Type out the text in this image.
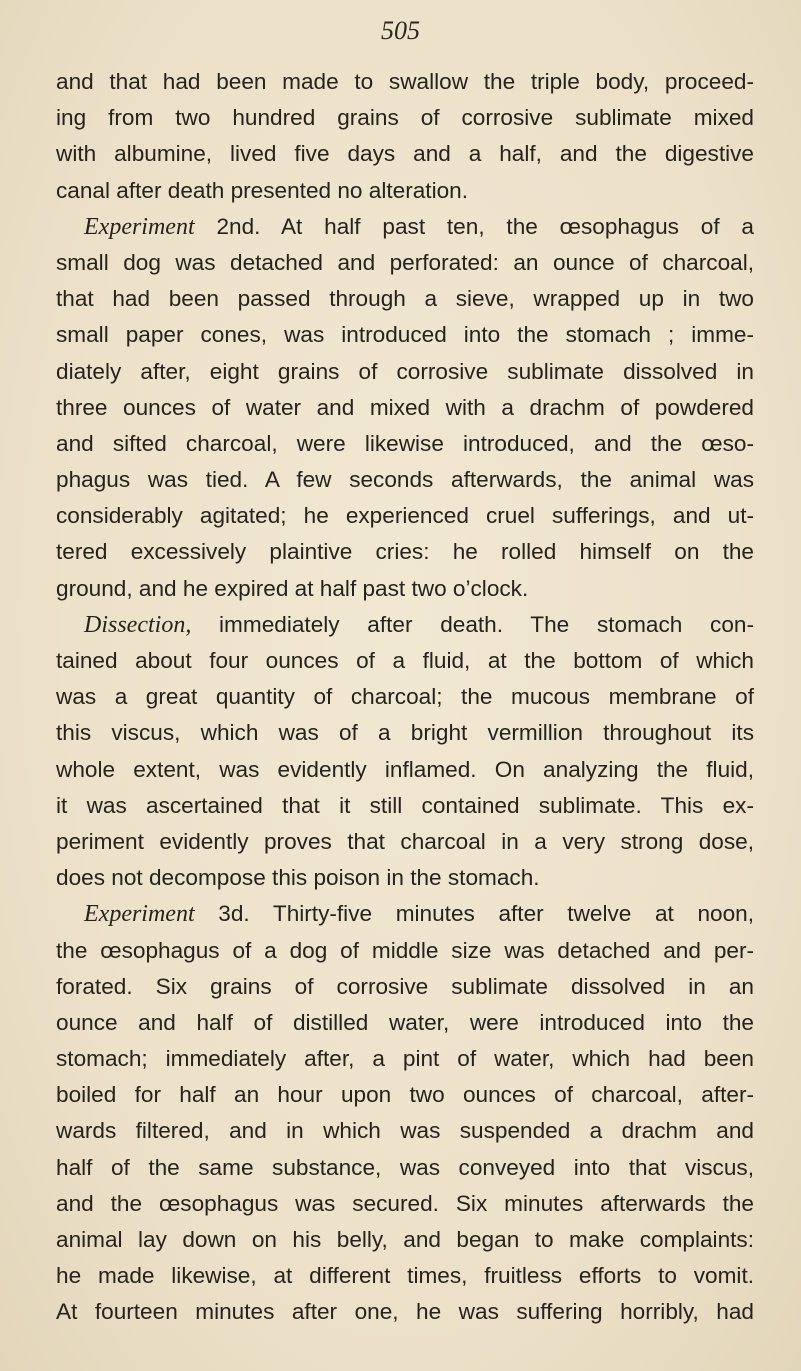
505
and that had been made to swallow the triple body, proceed-
ing from two hundred grains of corrosive sublimate mixed
with albumine, lived five days and a half, and the digestive
canal after death presented no alteration.
Experiment 2nd. At half past ten, the œsophagus of a
small dog was detached and perforated: an ounce of charcoal,
that had been passed through a sieve, wrapped up in two
small paper cones, was introduced into the stomach ; imme-
diately after, eight grains of corrosive sublimate dissolved in
three ounces of water and mixed with a drachm of powdered
and sifted charcoal, were likewise introduced, and the œso-
phagus was tied. A few seconds afterwards, the animal was
considerably agitated; he experienced cruel sufferings, and ut-
tered excessively plaintive cries: he rolled himself on the
ground, and he expired at half past two o’clock.
Dissection, immediately after death. The stomach con-
tained about four ounces of a fluid, at the bottom of which
was a great quantity of charcoal; the mucous membrane of
this viscus, which was of a bright vermillion throughout its
whole extent, was evidently inflamed. On analyzing the fluid,
it was ascertained that it still contained sublimate. This ex-
periment evidently proves that charcoal in a very strong dose,
does not decompose this poison in the stomach.
Experiment 3d. Thirty-five minutes after twelve at noon,
the œsophagus of a dog of middle size was detached and per-
forated. Six grains of corrosive sublimate dissolved in an
ounce and half of distilled water, were introduced into the
stomach; immediately after, a pint of water, which had been
boiled for half an hour upon two ounces of charcoal, after-
wards filtered, and in which was suspended a drachm and
half of the same substance, was conveyed into that viscus,
and the œsophagus was secured. Six minutes afterwards the
animal lay down on his belly, and began to make complaints:
he made likewise, at different times, fruitless efforts to vomit.
At fourteen minutes after one, he was suffering horribly, had
